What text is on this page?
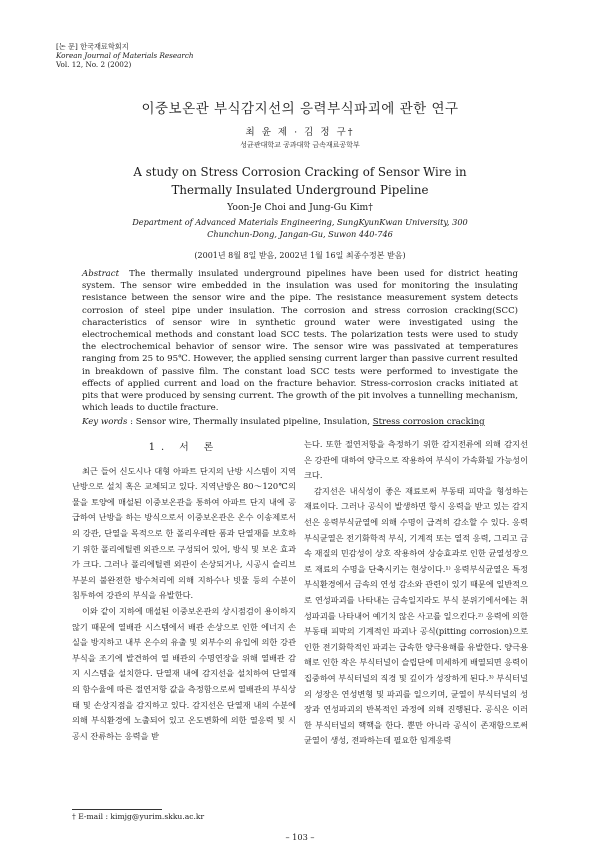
[논 문] 한국재료학회지
Korean Journal of Materials Research
Vol. 12, No. 2 (2002)
이중보온관 부식감지선의 응력부식파괴에 관한 연구
최 윤 제 · 김 정 구†
성균관대학교 공과대학 금속재료공학부
A study on Stress Corrosion Cracking of Sensor Wire in
Thermally Insulated Underground Pipeline
Yoon-Je Choi and Jung-Gu Kim†
Department of Advanced Materials Engineering, SungKyunKwan University, 300
Chunchun-Dong, Jangan-Gu, Suwon 440-746
(2001년 8월 8일 받음, 2002년 1월 16일 최종수정본 받음)
Abstract The thermally insulated underground pipelines have been used for district heating system. The sensor wire embedded in the insulation was used for monitoring the insulating resistance between the sensor wire and the pipe. The resistance measurement system detects corrosion of steel pipe under insulation. The corrosion and stress corrosion cracking(SCC) characteristics of sensor wire in synthetic ground water were investigated using the electrochemical methods and constant load SCC tests. The polarization tests were used to study the electrochemical behavior of sensor wire. The sensor wire was passivated at temperatures ranging from 25 to 95℃. However, the applied sensing current larger than passive current resulted in breakdown of passive film. The constant load SCC tests were performed to investigate the effects of applied current and load on the fracture behavior. Stress-corrosion cracks initiated at pits that were produced by sensing current. The growth of the pit involves a tunnelling mechanism, which leads to ductile fracture.
Key words : Sensor wire, Thermally insulated pipeline, Insulation, Stress corrosion cracking

1. 서 론

최근 들어 신도시나 대형 아파트 단지의 난방 시스템이 지역난방으로 설치 혹은 교체되고 있다. 지역난방은 80～120℃의 물을 토양에 매설된 이중보온관을 통하여 아파트 단지 내에 공급하여 난방을 하는 방식으로서 이중보온관은 온수 이송제로서의 강관, 단열을 목적으로 한 폴리우레탄 폼과 단열재를 보호하기 위한 폴리에틸렌 외관으로 구성되어 있어, 방식 및 보온 효과가 크다. 그러나 폴리에틸렌 외관이 손상되거나, 시공시 슬리브 부분의 불완전한 방수처리에 의해 지하수나 빗물 등의 수분이 침투하여 강관의 부식을 유발한다.

이와 같이 지하에 매설된 이중보온관의 상시점검이 용이하지 않기 때문에 열배관 시스템에서 배관 손상으로 인한 에너지 손실을 방지하고 내부 온수의 유출 및 외부수의 유입에 의한 강관부식을 조기에 발견하여 열 배관의 수명연장을 위해 열배관 감지 시스템을 설치한다. 단열재 내에 감지선을 설치하여 단열재의 함수율에 따른 절연저항 값을 측정함으로써 열배관의 부식상태 및 손상지점을 감지하고 있다. 감지선은 단열재 내의 수분에 의해 부식환경에 노출되어 있고 온도변화에 의한 열응력 및 시공시 잔류하는 응력을 받

는다. 또한 절연저항을 측정하기 위한 감지전류에 의해 감지선은 강관에 대하여 양극으로 작용하여 부식이 가속화될 가능성이 크다.

감지선은 내식성이 좋은 재료로써 부동태 피막을 형성하는 재료이다. 그러나 공식이 발생하면 항시 응력을 받고 있는 감지선은 응력부식균열에 의해 수명이 급격히 감소할 수 있다. 응력부식균열은 전기화학적 부식, 기계적 또는 열적 응력, 그리고 금속 재질의 민감성이 상호 작용하여 상승효과로 인한 균열성장으로 재료의 수명을 단축시키는 현상이다.¹⁾ 응력부식균열은 특정 부식환경에서 금속의 연성 감소와 관련이 있기 때문에 일반적으로 연성파괴를 나타내는 금속일지라도 부식 분위기에서에는 취성파괴를 나타내어 예기치 않은 사고를 일으킨다.²⁾ 응력에 의한 부동태 피막의 기계적인 파괴나 공식(pitting corrosion)으로 인한 전기화학적인 파괴는 급속한 양극용해를 유발한다. 양극용해로 인한 작은 부식터널이 슬립단에 미세하게 배열되면 응력이 집중하여 부식터널의 직경 및 깊이가 성장하게 된다.³⁾ 부식터널의 성장은 연성변형 및 파괴를 일으키며, 균열이 부식터널의 성장과 연성파괴의 반복적인 과정에 의해 진행된다. 공식은 이러한 부식터널의 핵핵을 한다. 뿐만 아니라 공식이 존재함으로써 균열이 생성, 전파하는데 필요한 임계응력

† E-mail : kimjg@yurim.skku.ac.kr
– 103 –
